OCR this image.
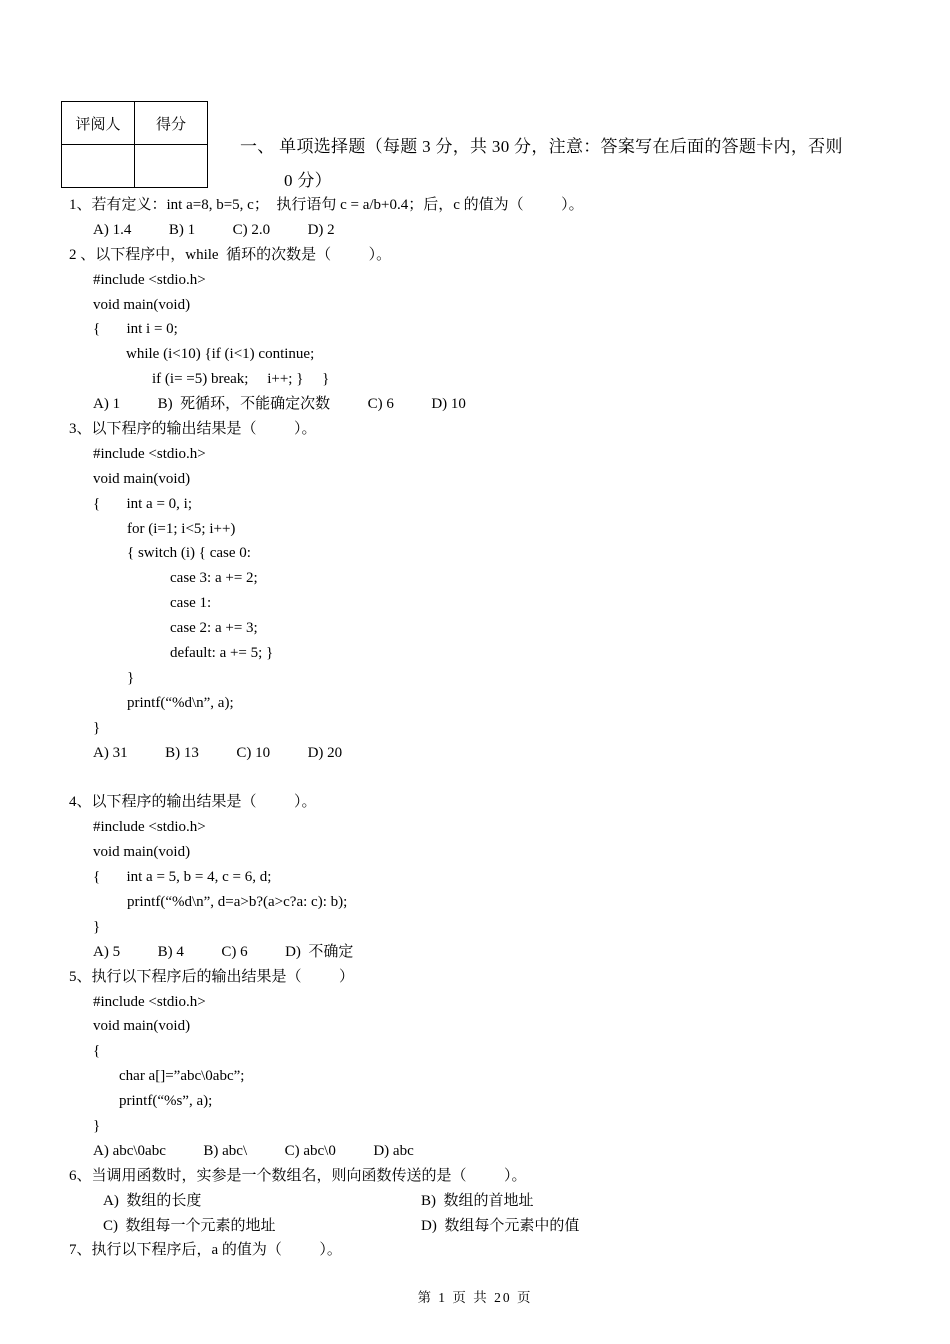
评阅人	得分

一、 单项选择题（每题 3 分，共 30 分，注意：答案写在后面的答题卡内，否则
0 分）
1、若有定义：int a=8, b=5, c；  执行语句 c = a/b+0.4；后，c 的值为（          ）。
A) 1.4          B) 1          C) 2.0          D) 2
2 、以下程序中，while  循环的次数是（          ）。
#include <stdio.h>
void main(void)
{       int i = 0;
while (i<10) {if (i<1) continue;
if (i= =5) break;     i++; }     }
A) 1          B)  死循环，不能确定次数          C) 6          D) 10
3、以下程序的输出结果是（          ）。
#include <stdio.h>
void main(void)
{       int a = 0, i;
for (i=1; i<5; i++)
{ switch (i) { case 0:
case 3: a += 2;
case 1:
case 2: a += 3;
default: a += 5; }
}
printf(“%d\n”, a);
}
A) 31          B) 13          C) 10          D) 20
4、以下程序的输出结果是（          ）。
#include <stdio.h>
void main(void)
{       int a = 5, b = 4, c = 6, d;
printf(“%d\n”, d=a>b?(a>c?a: c): b);
}
A) 5          B) 4          C) 6          D)  不确定
5、执行以下程序后的输出结果是（          ）
#include <stdio.h>
void main(void)
{
char a[]=”abc\0abc”;
printf(“%s”, a);
}
A) abc\0abc          B) abc\          C) abc\0          D) abc
6、当调用函数时，实参是一个数组名，则向函数传送的是（          ）。
A)  数组的长度	B)  数组的首地址
C)  数组每一个元素的地址	D)  数组每个元素中的值
7、执行以下程序后，a 的值为（          ）。
第 1 页 共 20 页
